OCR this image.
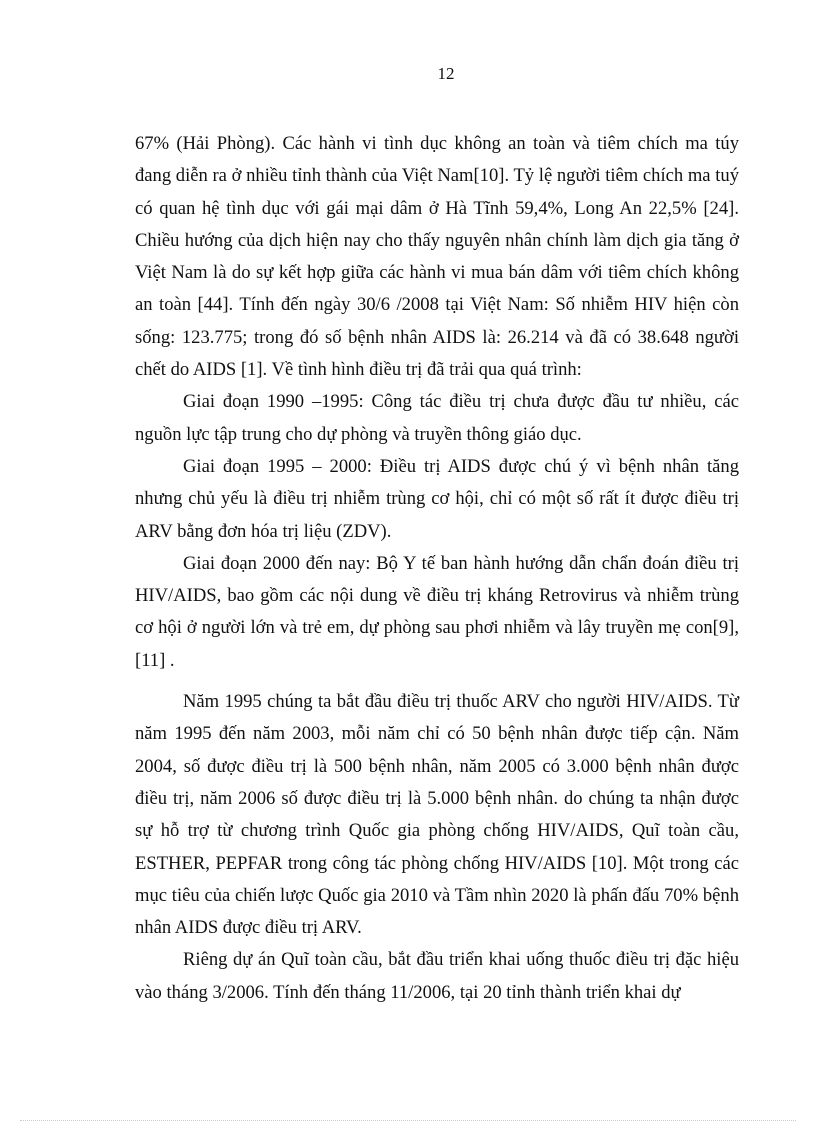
12

67% (Hải Phòng). Các hành vi tình dục không an toàn và tiêm chích ma túy đang diễn ra ở nhiều tỉnh thành của Việt Nam[10]. Tỷ lệ người tiêm chích ma tuý có quan hệ tình dục với gái mại dâm ở Hà Tĩnh 59,4%, Long An 22,5% [24]. Chiều hướng của dịch hiện nay cho thấy nguyên nhân chính làm dịch gia tăng ở Việt Nam là do sự kết hợp giữa các hành vi mua bán dâm với tiêm chích không an toàn [44]. Tính đến ngày 30/6 /2008 tại Việt Nam: Số nhiễm HIV hiện còn sống: 123.775; trong đó số bệnh nhân AIDS là: 26.214 và đã có 38.648 người chết do AIDS [1]. Về tình hình điều trị đã trải qua quá trình:

Giai đoạn 1990 –1995: Công tác điều trị chưa được đầu tư nhiều, các nguồn lực tập trung cho dự phòng và truyền thông giáo dục.

Giai đoạn 1995 – 2000: Điều trị AIDS được chú ý vì bệnh nhân tăng nhưng chủ yếu là điều trị nhiễm trùng cơ hội, chỉ có một số rất ít được điều trị ARV bằng đơn hóa trị liệu (ZDV).

Giai đoạn 2000 đến nay: Bộ Y tế ban hành hướng dẫn chẩn đoán điều trị HIV/AIDS, bao gồm các nội dung về điều trị kháng Retrovirus và nhiễm trùng cơ hội ở người lớn và trẻ em, dự phòng sau phơi nhiễm và lây truyền mẹ con[9], [11] .

Năm 1995 chúng ta bắt đầu điều trị thuốc ARV cho người HIV/AIDS. Từ năm 1995 đến năm 2003, mỗi năm chỉ có 50 bệnh nhân được tiếp cận. Năm 2004, số được điều trị là 500 bệnh nhân, năm 2005 có 3.000 bệnh nhân được điều trị, năm 2006 số được điều trị là 5.000 bệnh nhân. do chúng ta nhận được sự hỗ trợ từ chương trình Quốc gia phòng chống HIV/AIDS, Quĩ toàn cầu, ESTHER, PEPFAR trong công tác phòng chống HIV/AIDS [10]. Một trong các mục tiêu của chiến lược Quốc gia 2010 và Tầm nhìn 2020 là phấn đấu 70% bệnh nhân AIDS được điều trị ARV.

Riêng dự án Quĩ toàn cầu, bắt đầu triển khai uống thuốc điều trị đặc hiệu vào tháng 3/2006. Tính đến tháng 11/2006, tại 20 tỉnh thành triển khai dự
